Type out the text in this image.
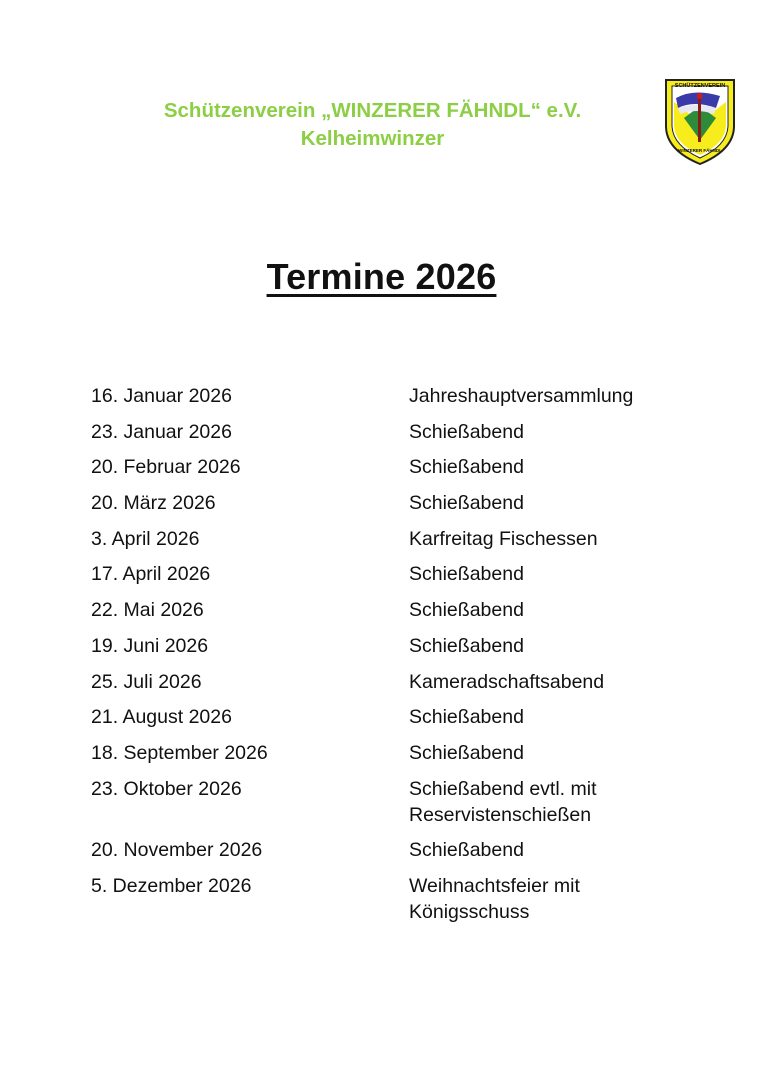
Schützenverein „WINZERER FÄHNDL“ e.V.
Kelheimwinzer
SCHÜTZENVEREIN
WINZERER FÄHNDL
Termine 2026
16. Januar 2026	Jahreshauptversammlung
23. Januar 2026	Schießabend
20. Februar 2026	Schießabend
20. März 2026	Schießabend
3. April 2026	Karfreitag Fischessen
17. April 2026	Schießabend
22. Mai 2026	Schießabend
19. Juni 2026	Schießabend
25. Juli 2026	Kameradschaftsabend
21. August 2026	Schießabend
18. September 2026	Schießabend
23. Oktober 2026	Schießabend evtl. mit
Reservistenschießen
20. November 2026	Schießabend
5. Dezember 2026	Weihnachtsfeier mit
Königsschuss
